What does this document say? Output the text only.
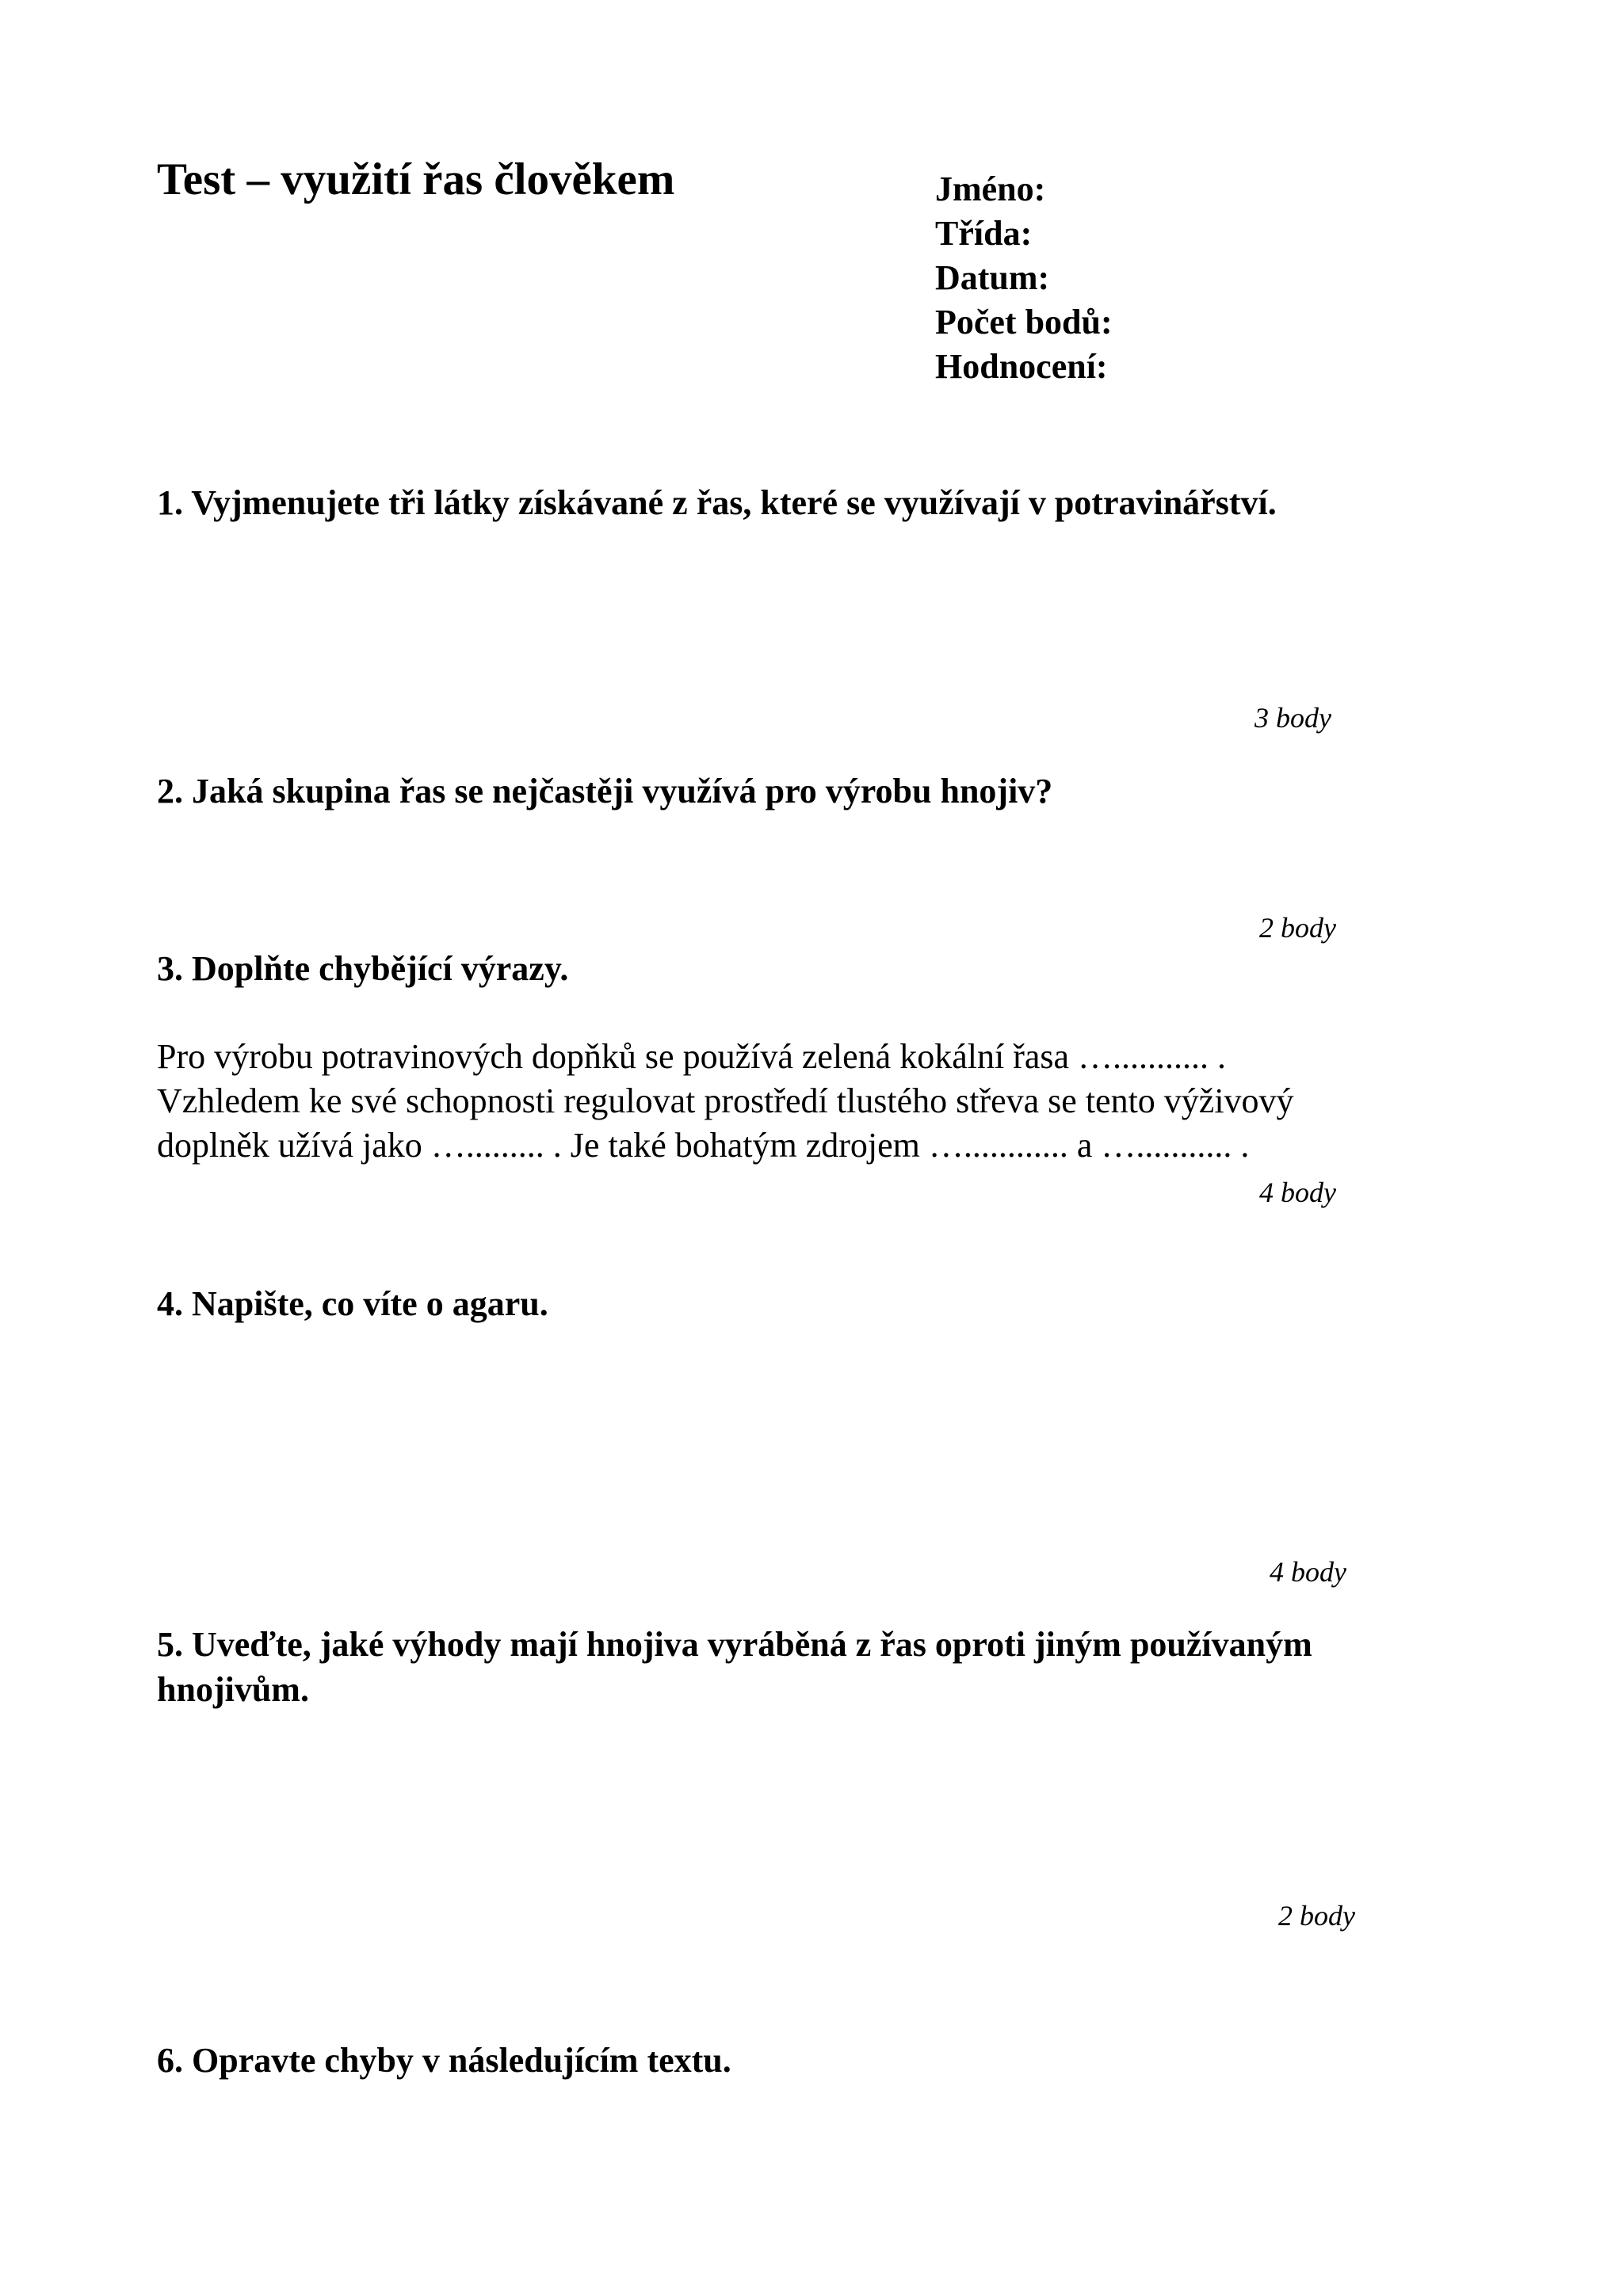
Test – využití řas člověkem	Jméno:
Třída:
Datum:
Počet bodů:
Hodnocení:
1. Vyjmenujete tři látky získávané z řas, které se využívají v potravinářství.
3 body
2. Jaká skupina řas se nejčastěji využívá pro výrobu hnojiv?
2 body
3. Doplňte chybějící výrazy.
Pro výrobu potravinových dopňků se používá zelená kokální řasa …........... .
Vzhledem ke své schopnosti regulovat prostředí tlustého střeva se tento výživový
doplněk užívá jako …......... . Je také bohatým zdrojem …............ a …........... .
4 body
4. Napište, co víte o agaru.
4 body
5. Uveďte, jaké výhody mají hnojiva vyráběná z řas oproti jiným používaným
hnojivům.
2 body
6. Opravte chyby v následujícím textu.
